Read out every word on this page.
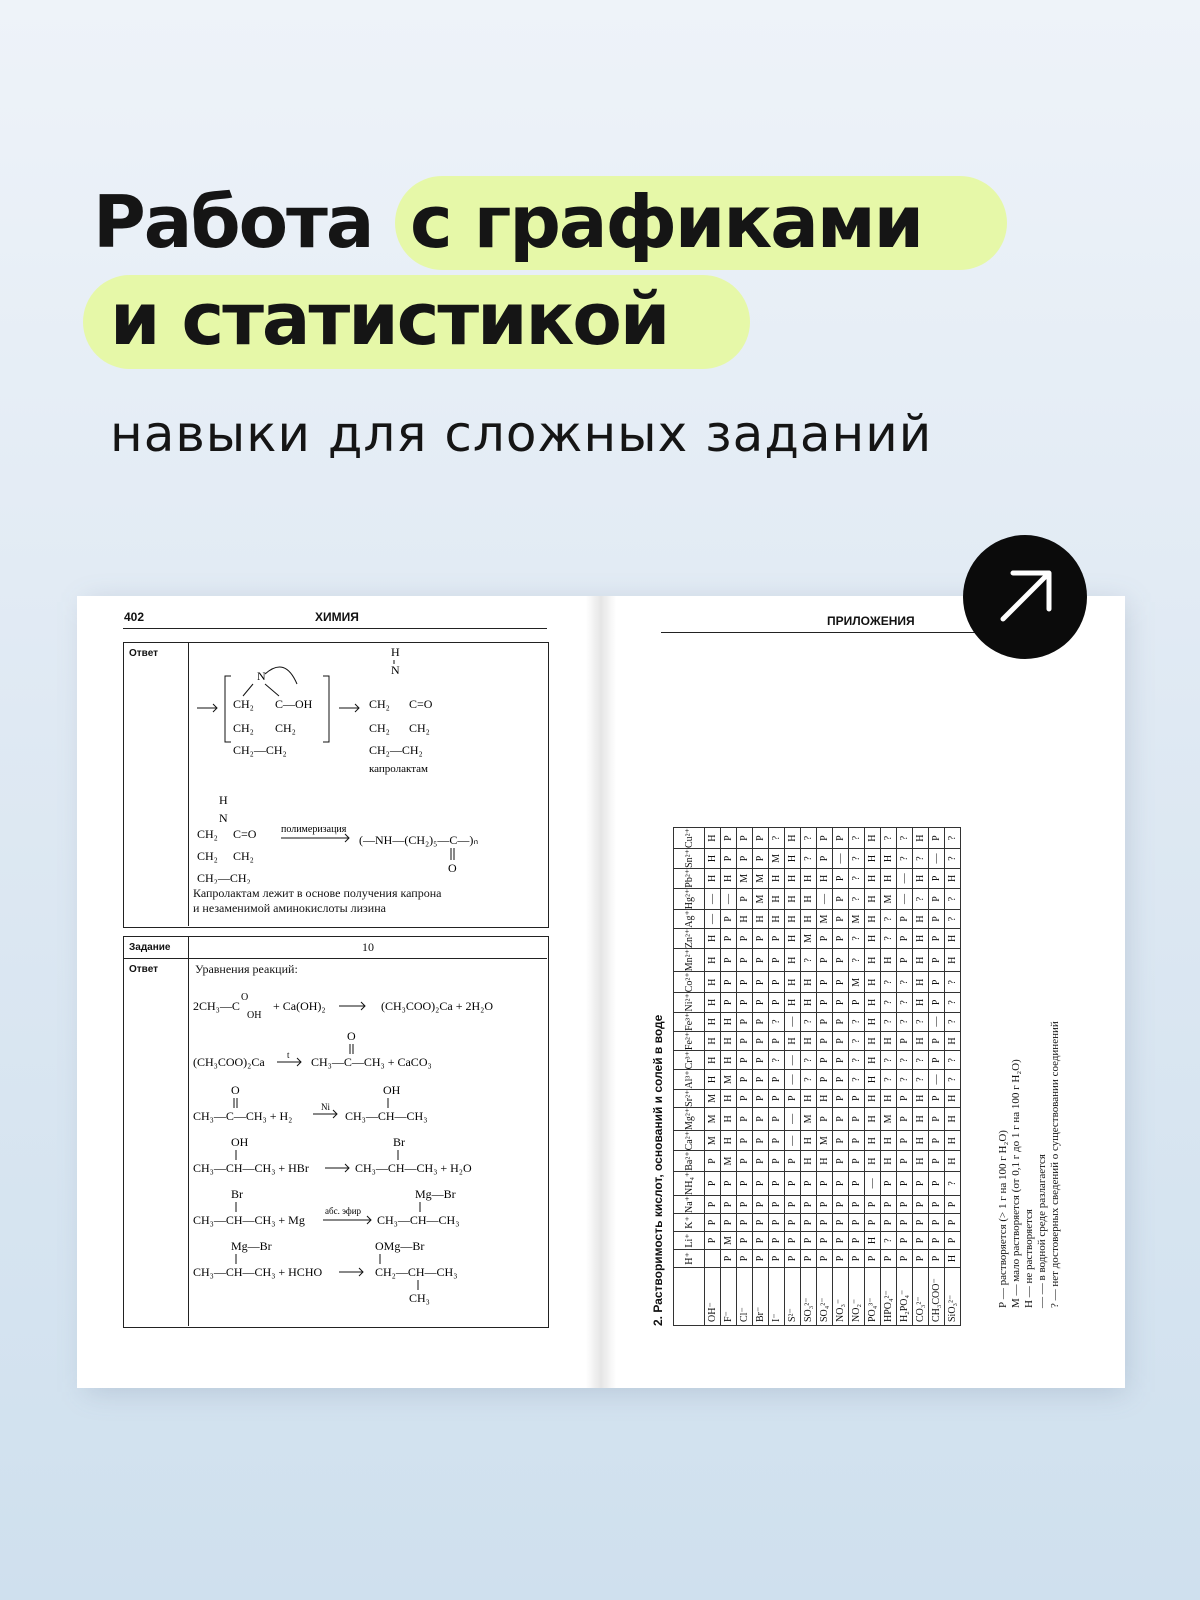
Работа с графиками
и статистикой
навыки для сложных заданий
402	ХИМИЯ
Ответ
N
CH₂ C—OH
CH₂ CH₂
CH₂—CH₂
H
N
CH₂ C=O
CH₂ CH₂
CH₂—CH₂
капролактам
H
N
CH₂ C=O
CH₂ CH₂
CH₂—CH₂
полимеризация
(—NH—(CH₂)₅—C—)ₙ
O
Капролактам лежит в основе получения капрона
и незаменимой аминокислоты лизина
Задание	10
Ответ	Уравнения реакций:
2CH₃—C
O
OH
+ Ca(OH)₂	(CH₃COO)₂Ca + 2H₂O
(CH₃COO)₂Ca t CH₃—C—CH₃ + CaCO₃
O
CH₃—C—CH₃ + H₂
O
Ni
CH₃—CH—CH₃
OH
CH₃—CH—CH₃ + HBr
OH
CH₃—CH—CH₃ + H₂O
Br
CH₃—CH—CH₃ + Mg
Br
абс. эфир
CH₃—CH—CH₃
Mg—Br
CH₃—CH—CH₃ + HCHO
Mg—Br
CH₂—CH—CH₃
OMg—Br
CH₃
ПРИЛОЖЕНИЯ
2. Растворимость кислот, оснований и солей в воде
	H⁺	Li⁺	K⁺	Na⁺	NH₄⁺	Ba²⁺	Ca²⁺	Mg²⁺	Sr²⁺	Al³⁺	Cr³⁺	Fe²⁺	Fe³⁺	Ni²⁺	Co²⁺	Mn²⁺	Zn²⁺	Ag⁺	Hg²⁺	Pb²⁺	Sn²⁺	Cu²⁺
OH⁻		Р	Р	Р	Р	Р	М	М	М	Н	Н	Н	Н	Н	Н	Н	Н	—	—	Н	Н	Н
F⁻	Р	М	Р	Р	Р	М	Н	Н	Н	М	Н	Н	Н	Р	Р	Р	Р	Р	—	Н	Р	Р
Cl⁻	Р	Р	Р	Р	Р	Р	Р	Р	Р	Р	Р	Р	Р	Р	Р	Р	Р	Н	Р	М	Р	Р
Br⁻	Р	Р	Р	Р	Р	Р	Р	Р	Р	Р	Р	Р	Р	Р	Р	Р	Р	Н	М	М	Р	Р
I⁻	Р	Р	Р	Р	Р	Р	Р	Р	Р	Р	?	Р	?	Р	Р	Р	Р	Н	Н	Н	М	?
S²⁻	Р	Р	Р	Р	Р	Р	—	—	Р	—	—	Н	—	Н	Н	Н	Н	Н	Н	Н	Н	Н
SO₃²⁻	Р	Р	Р	Р	Р	Н	Н	М	Н	?	?	Н	?	Н	Н	?	М	Н	Н	Н	?	?
SO₄²⁻	Р	Р	Р	Р	Р	Н	М	Р	Н	Р	Р	Р	Р	Р	Р	Р	Р	М	—	Н	Р	Р
NO₃⁻	Р	Р	Р	Р	Р	Р	Р	Р	Р	Р	Р	Р	Р	Р	Р	Р	Р	Р	Р	Р	—	Р
NO₂⁻	Р	Р	Р	Р	Р	Р	Р	Р	Р	?	?	?	?	Р	М	?	?	М	?	?	?	?
PO₄³⁻	Р	Н	Р	Р	—	Н	Н	Н	Н	Н	Н	Н	Н	Н	Н	Н	Н	Н	Н	Н	Н	Н
HPO₄²⁻	Р	?	Р	Р	Р	Н	Н	М	Н	?	?	Н	?	?	?	Н	?	?	М	Н	Н	?
H₂PO₄⁻	Р	Р	Р	Р	Р	Р	Р	Р	Р	?	?	Р	?	?	?	Р	Р	Р	—	—	?	?
CO₃²⁻	Р	Р	Р	Р	Р	Н	Н	Н	Н	?	?	Н	?	Н	Н	Н	Н	Н	?	Н	?	Н
CH₃COO⁻	Р	Р	Р	Р	Р	Р	Р	Р	Р	—	Р	Р	—	Р	Р	Р	Р	Р	Р	Р	—	Р
SiO₃²⁻	Н	Р	Р	Р	?	Н	Н	Н	Н	?	?	Н	?	?	?	Н	Н	?	?	Н	?	?
Р — растворяется (> 1 г на 100 г H₂O) М — мало растворяется (от 0,1 г до 1 г на 100 г H₂O) Н — не растворяется — — в водной среде разлагается ? — нет достоверных сведений о существовании соединений
